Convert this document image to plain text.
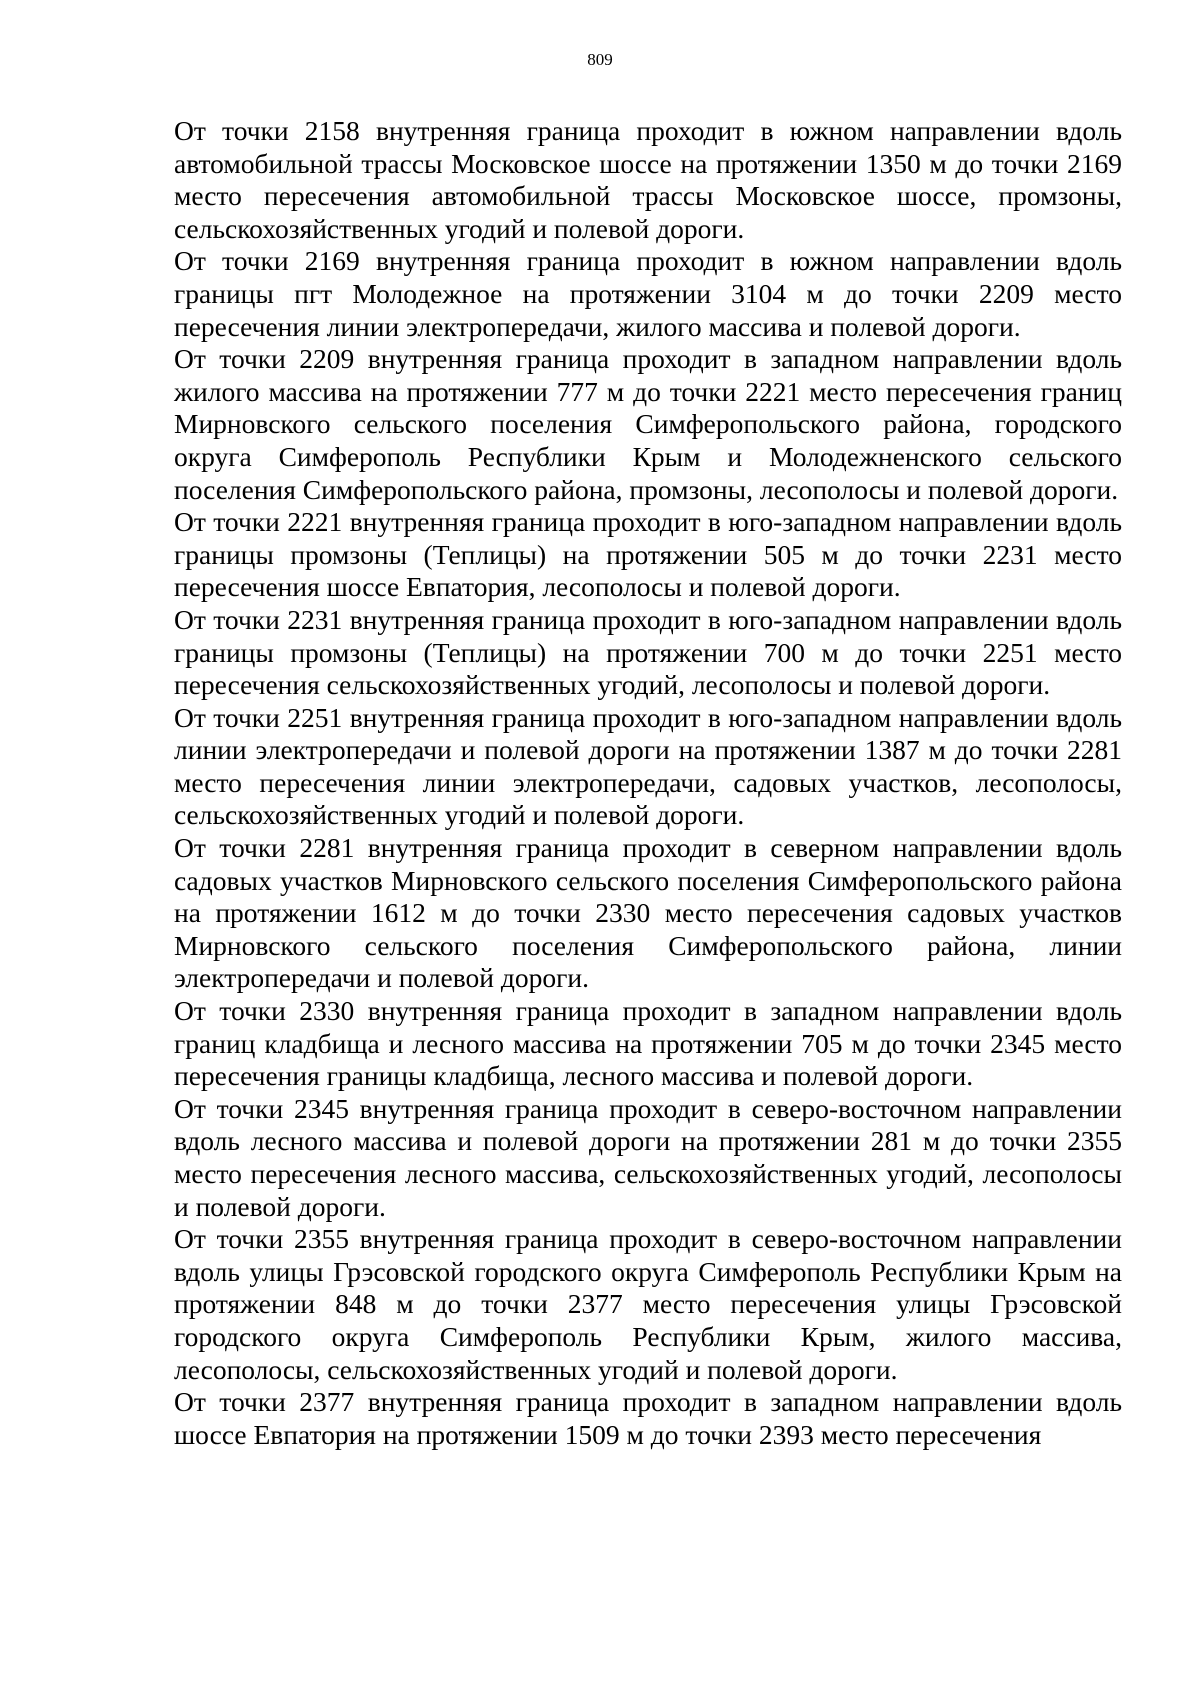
809

От точки 2158 внутренняя граница проходит в южном направлении вдоль автомобильной трассы Московское шоссе на протяжении 1350 м до точки 2169 место пересечения автомобильной трассы Московское шоссе, промзоны, сельскохозяйственных угодий и полевой дороги.

От точки 2169 внутренняя граница проходит в южном направлении вдоль границы пгт Молодежное на протяжении 3104 м до точки 2209 место пересечения линии электропередачи, жилого массива и полевой дороги.

От точки 2209 внутренняя граница проходит в западном направлении вдоль жилого массива на протяжении 777 м до точки 2221 место пересечения границ Мирновского сельского поселения Симферопольского района, городского округа Симферополь Республики Крым и Молодежненского сельского поселения Симферопольского района, промзоны, лесополосы и полевой дороги.

От точки 2221 внутренняя граница проходит в юго-западном направлении вдоль границы промзоны (Теплицы) на протяжении 505 м до точки 2231 место пересечения шоссе Евпатория, лесополосы и полевой дороги.

От точки 2231 внутренняя граница проходит в юго-западном направлении вдоль границы промзоны (Теплицы) на протяжении 700 м до точки 2251 место пересечения сельскохозяйственных угодий, лесополосы и полевой дороги.

От точки 2251 внутренняя граница проходит в юго-западном направлении вдоль линии электропередачи и полевой дороги на протяжении 1387 м до точки 2281 место пересечения линии электропередачи, садовых участков, лесополосы, сельскохозяйственных угодий и полевой дороги.

От точки 2281 внутренняя граница проходит в северном направлении вдоль садовых участков Мирновского сельского поселения Симферопольского района на протяжении 1612 м до точки 2330 место пересечения садовых участков Мирновского сельского поселения Симферопольского района, линии электропередачи и полевой дороги.

От точки 2330 внутренняя граница проходит в западном направлении вдоль границ кладбища и лесного массива на протяжении 705 м до точки 2345 место пересечения границы кладбища, лесного массива и полевой дороги.

От точки 2345 внутренняя граница проходит в северо-восточном направлении вдоль лесного массива и полевой дороги на протяжении 281 м до точки 2355 место пересечения лесного массива, сельскохозяйственных угодий, лесополосы и полевой дороги.

От точки 2355 внутренняя граница проходит в северо-восточном направлении вдоль улицы Грэсовской городского округа Симферополь Республики Крым на протяжении 848 м до точки 2377 место пересечения улицы Грэсовской городского округа Симферополь Республики Крым, жилого массива, лесополосы, сельскохозяйственных угодий и полевой дороги.

От точки 2377 внутренняя граница проходит в западном направлении вдоль шоссе Евпатория на протяжении 1509 м до точки 2393 место пересечения
